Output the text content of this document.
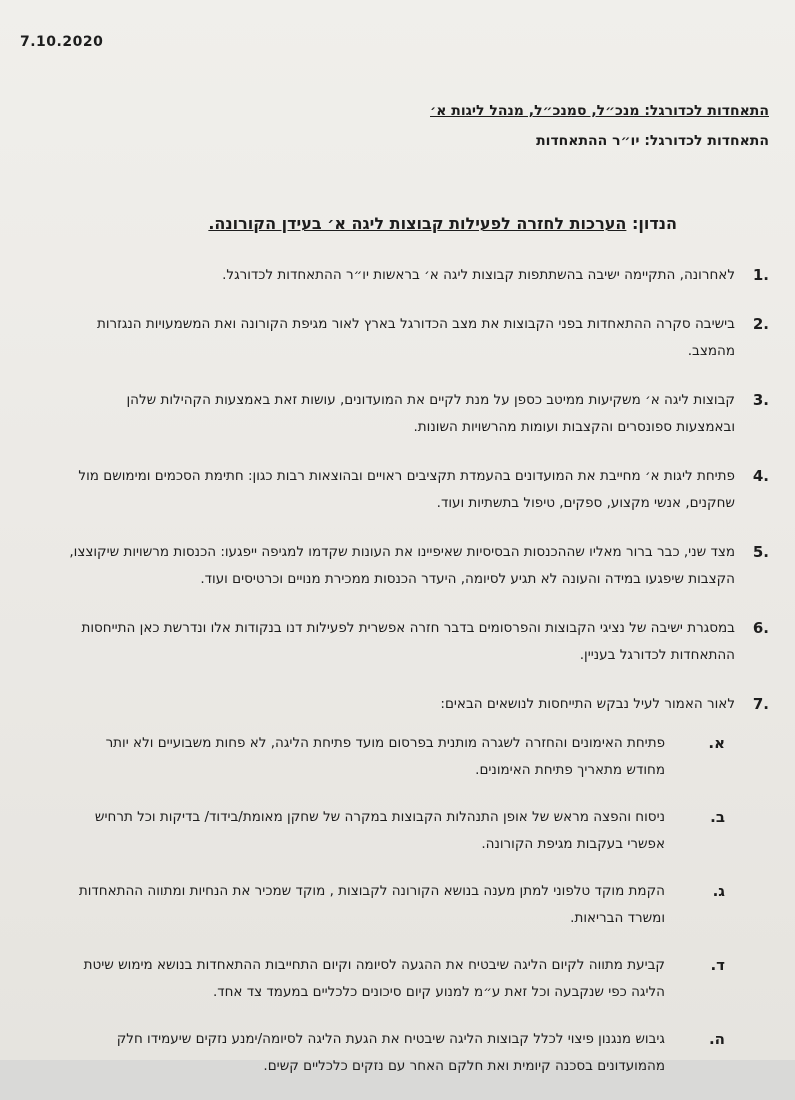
7.10.2020
התאחדות לכדורגל: מנכ״ל, סמנכ״ל, מנהל ליגות א׳
התאחדות לכדורגל: יו״ר ההתאחדות
הנדון: הערכות לחזרה לפעילות קבוצות ליגה א׳ בעידן הקורונה.
.1
לאחרונה, התקיימה ישיבה בהשתתפות קבוצות ליגה א׳ בראשות יו״ר ההתאחדות לכדורגל.
.2
בישיבה סקרה ההתאחדות בפני הקבוצות את מצב הכדורגל בארץ לאור מגיפת הקורונה ואת המשמעויות הנגזרות מהמצב.
.3
קבוצות ליגה א׳ משקיעות ממיטב כספן על מנת לקיים את המועדונים, עושות זאת באמצעות הקהילות שלהן ובאמצעות ספונסרים והקצבות ועומות מהרשויות השונות.
.4
פתיחת ליגות א׳ מחייבת את המועדונים בהעמדת תקציבים ראויים ובהוצאות רבות כגון: חתימת הסכמים ומימושם מול שחקנים, אנשי מקצוע, ספקים, טיפול בתשתיות ועוד.
.5
מצד שני, כבר ברור מאליו שההכנסות הבסיסיות שאיפיינו את העונות שקדמו למגיפה ייפגעו: הכנסות מרשויות שיקוצצו, הקצבות שיפגעו במידה והעונה לא תגיע לסיומה, היעדר הכנסות ממכירת מנויים וכרטיסים ועוד.
.6
במסגרת ישיבה של נציגי הקבוצות והפרסומים בדבר חזרה אפשרית לפעילות דנו בנקודות אלו ונדרשת כאן התייחסות ההתאחדות לכדורגל בעניין.
.7
לאור האמור לעיל נבקש התייחסות לנושאים הבאים:
א.
פתיחת האימונים והחזרה לשגרה מותנית בפרסום מועד פתיחת הליגה, לא פחות משבועיים ולא יותר מחודש מתאריך פתיחת האימונים.
ב.
ניסוח והפצה מראש של אופן התנהלות הקבוצות במקרה של שחקן מאומת/בידוד/ בדיקות וכל תרחיש אפשרי בעקבות מגיפת הקורונה.
ג.
הקמת מוקד טלפוני למתן מענה בנושא הקורונה לקבוצות , מוקד שמכיר את הנחיות ומתווה ההתאחדות ומשרד הבריאות.
ד.
קביעת מתווה לקיום הליגה שיבטיח את ההגעה לסיומה וקיום התחייבות ההתאחדות בנושא מימוש שיטת הליגה כפי שנקבעה וכל זאת ע״מ למנוע קיום סיכונים כלכליים במעמד צד אחד.
ה.
גיבוש מנגנון פיצוי לכלל קבוצות הליגה שיבטיח את הגעת הליגה לסיומה/ימנע נזקים שיעמידו חלק מהמועדונים בסכנה קיומית ואת חלקם האחר עם נזקים כלכליים קשים.
